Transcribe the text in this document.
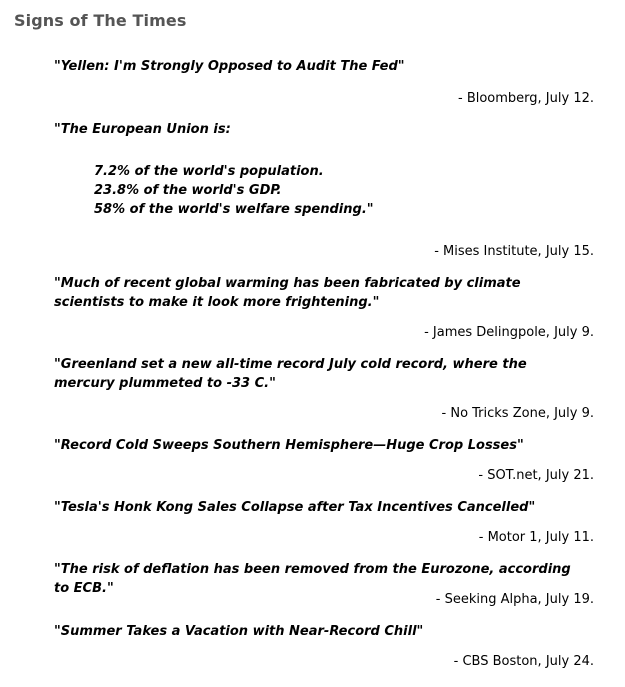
Signs of The Times
"Yellen: I'm Strongly Opposed to Audit The Fed"
- Bloomberg, July 12.
"The European Union is:
7.2% of the world's population.
23.8% of the world's GDP.
58% of the world's welfare spending."
- Mises Institute, July 15.
"Much of recent global warming has been fabricated by climate scientists to make it look more frightening."
- James Delingpole, July 9.
"Greenland set a new all-time record July cold record, where the mercury plummeted to -33 C."
- No Tricks Zone, July 9.
"Record Cold Sweeps Southern Hemisphere—Huge Crop Losses"
- SOT.net, July 21.
"Tesla's Honk Kong Sales Collapse after Tax Incentives Cancelled"
- Motor 1, July 11.
"The risk of deflation has been removed from the Eurozone, according to ECB."
- Seeking Alpha, July 19.
"Summer Takes a Vacation with Near-Record Chill"
- CBS Boston, July 24.
